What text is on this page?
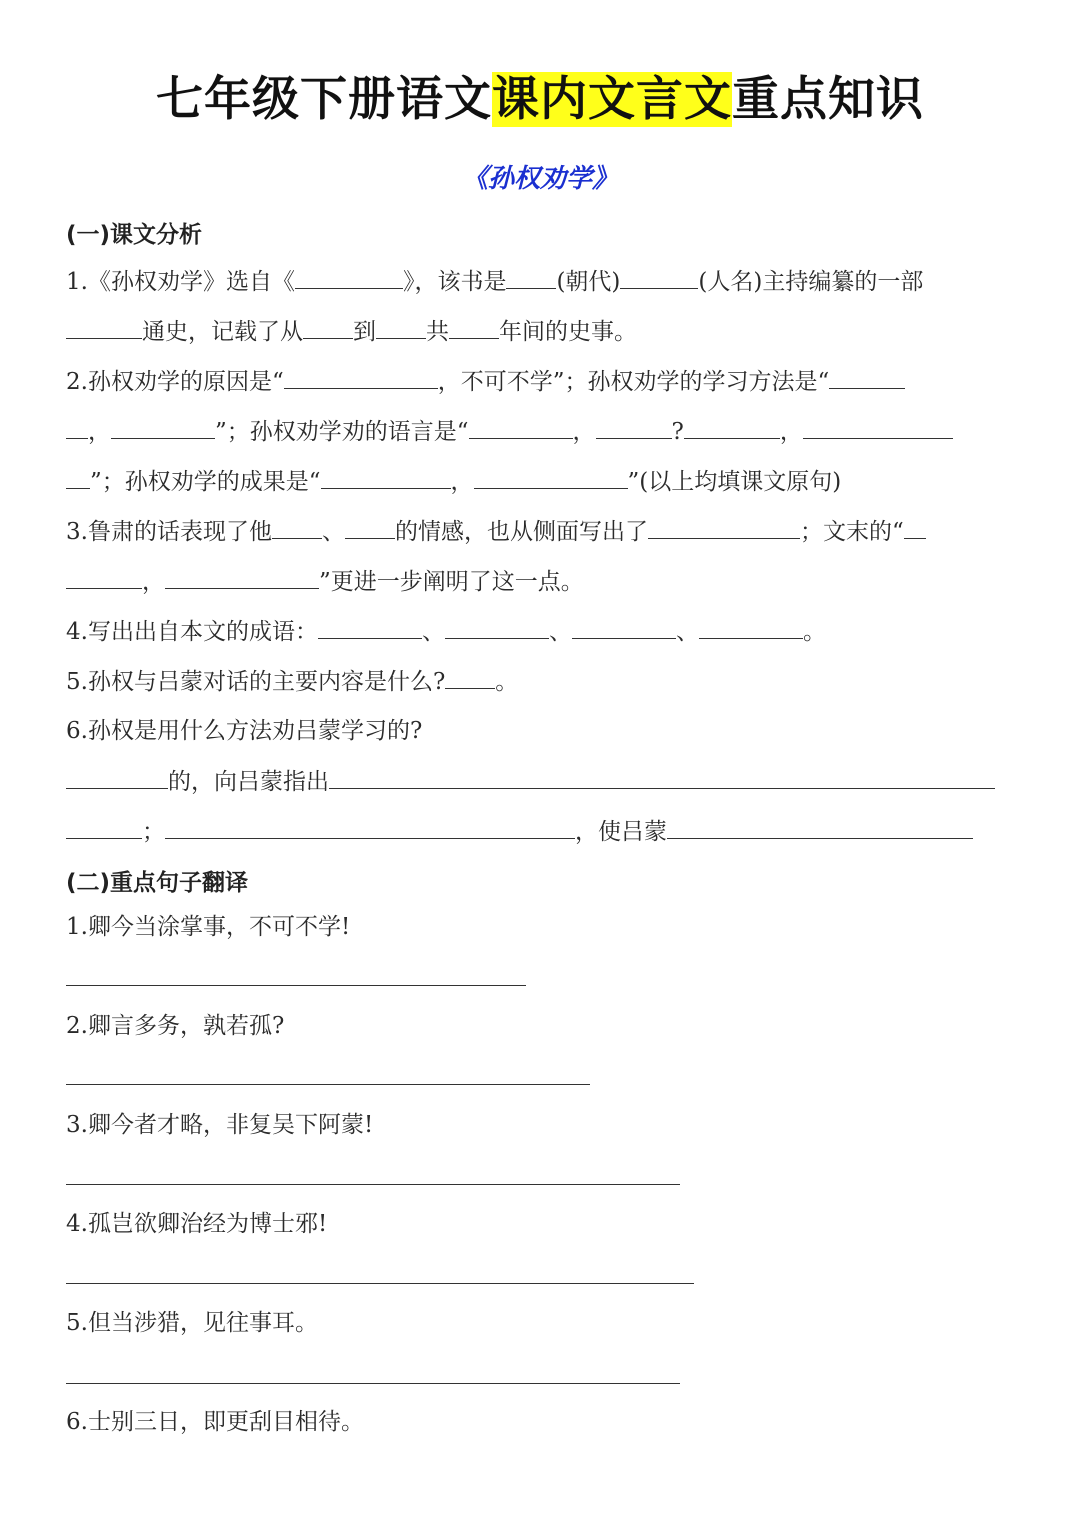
七年级下册语文课内文言文重点知识
《孙权劝学》
(一)课文分析
1.《孙权劝学》选自《	》，该书是 (朝代)	(人名)主持编纂的一部
通史，记载了从 到 共 年间的史事。
2.孙权劝学的原因是“	，不可不学”；孙权劝学的学习方法是“
，	”；孙权劝学劝的语言是“	，	?	，
”；孙权劝学的成果是“	，	”(以上均填课文原句)
3.鲁肃的话表现了他 、 的情感，也从侧面写出了	；文末的“
，	”更进一步阐明了这一点。
4.写出出自本文的成语：	、	、	、	。
5.孙权与吕蒙对话的主要内容是什么? 。
6.孙权是用什么方法劝吕蒙学习的?
的，向吕蒙指出
；	，使吕蒙
(二)重点句子翻译
1.卿今当涂掌事，不可不学!
2.卿言多务，孰若孤?
3.卿今者才略，非复吴下阿蒙!
4.孤岂欲卿治经为博士邪!
5.但当涉猎，见往事耳。
6.士别三日，即更刮目相待。
